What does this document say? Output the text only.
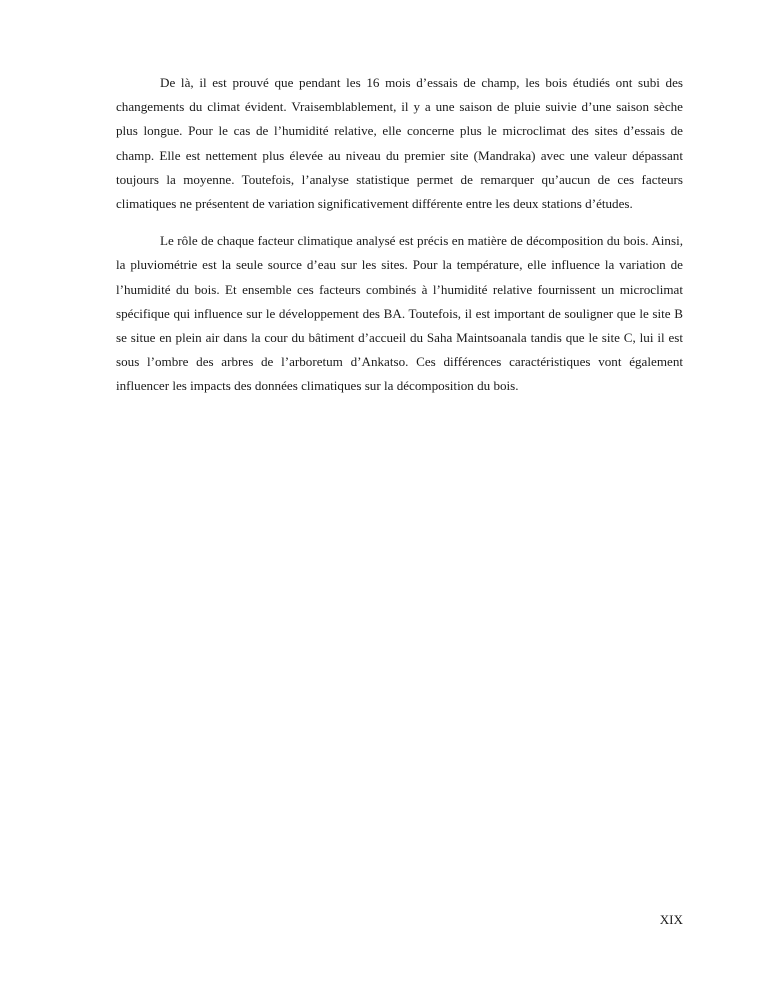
De là, il est prouvé que pendant les 16 mois d’essais de champ, les bois étudiés ont subi des changements du climat évident. Vraisemblablement, il y a une saison de pluie suivie d’une saison sèche plus longue. Pour le cas de l’humidité relative, elle concerne plus le microclimat des sites d’essais de champ. Elle est nettement plus élevée au niveau du premier site (Mandraka) avec une valeur dépassant toujours la moyenne. Toutefois, l’analyse statistique permet de remarquer qu’aucun de ces facteurs climatiques ne présentent de variation significativement différente entre les deux stations d’études.

Le rôle de chaque facteur climatique analysé est précis en matière de décomposition du bois. Ainsi, la pluviométrie est la seule source d’eau sur les sites. Pour la température, elle influence la variation de l’humidité du bois. Et ensemble ces facteurs combinés à l’humidité relative fournissent un microclimat spécifique qui influence sur le développement des BA. Toutefois, il est important de souligner que le site B se situe en plein air dans la cour du bâtiment d’accueil du Saha Maintsoanala tandis que le site C, lui il est sous l’ombre des arbres de l’arboretum d’Ankatso. Ces différences caractéristiques vont également influencer les impacts des données climatiques sur la décomposition du bois.

XIX
